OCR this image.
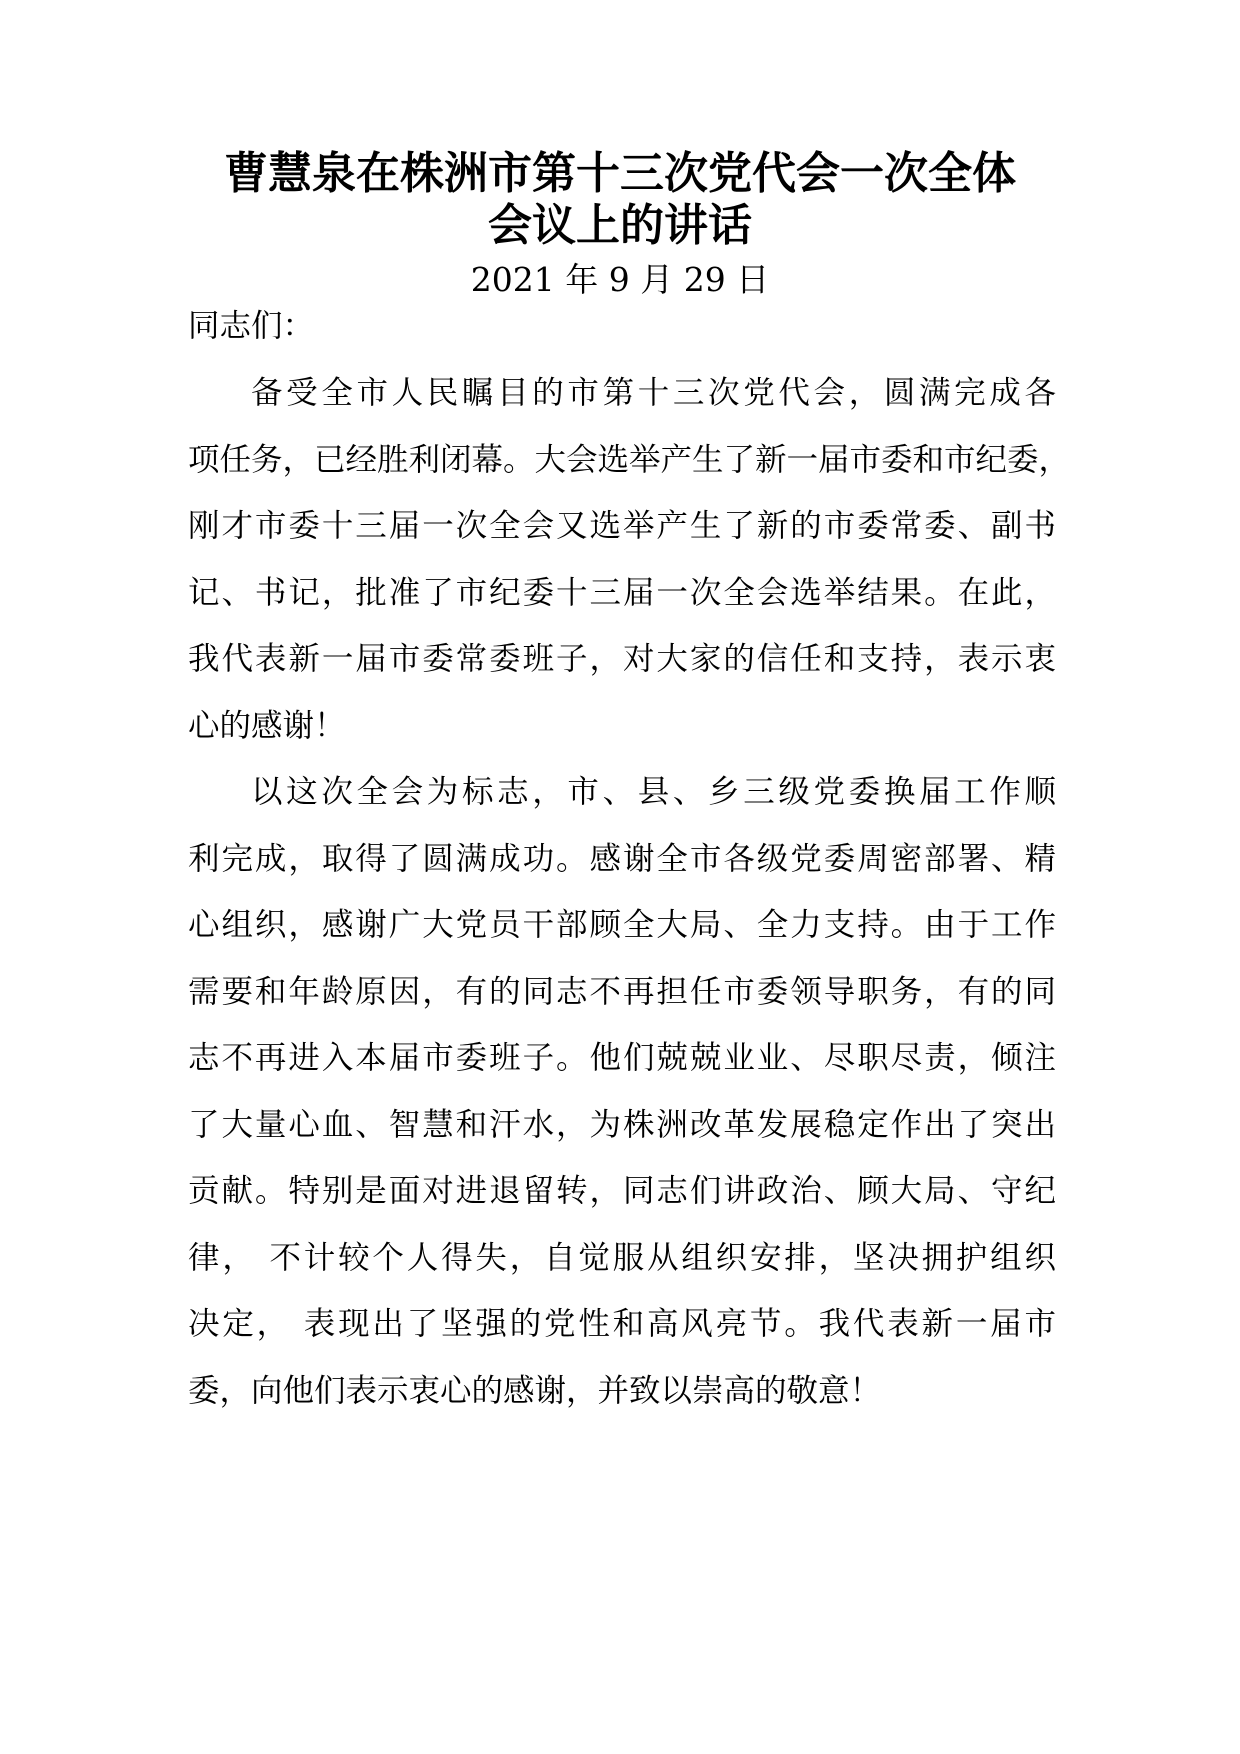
曹慧泉在株洲市第十三次党代会一次全体
会议上的讲话
2021 年 9 月 29 日
同志们：
备受全市人民瞩目的市第十三次党代会，圆满完成各
项任务，已经胜利闭幕。大会选举产生了新一届市委和市纪委，
刚才市委十三届一次全会又选举产生了新的市委常委、副书
记、书记，批准了市纪委十三届一次全会选举结果。在此，
我代表新一届市委常委班子，对大家的信任和支持，表示衷
心的感谢！
以这次全会为标志，市、县、乡三级党委换届工作顺
利完成，取得了圆满成功。感谢全市各级党委周密部署、精
心组织，感谢广大党员干部顾全大局、全力支持。由于工作
需要和年龄原因，有的同志不再担任市委领导职务，有的同
志不再进入本届市委班子。他们兢兢业业、尽职尽责，倾注
了大量心血、智慧和汗水，为株洲改革发展稳定作出了突出
贡献。特别是面对进退留转，同志们讲政治、顾大局、守纪
律， 不计较个人得失，自觉服从组织安排，坚决拥护组织
决定， 表现出了坚强的党性和高风亮节。我代表新一届市
委，向他们表示衷心的感谢，并致以崇高的敬意！
